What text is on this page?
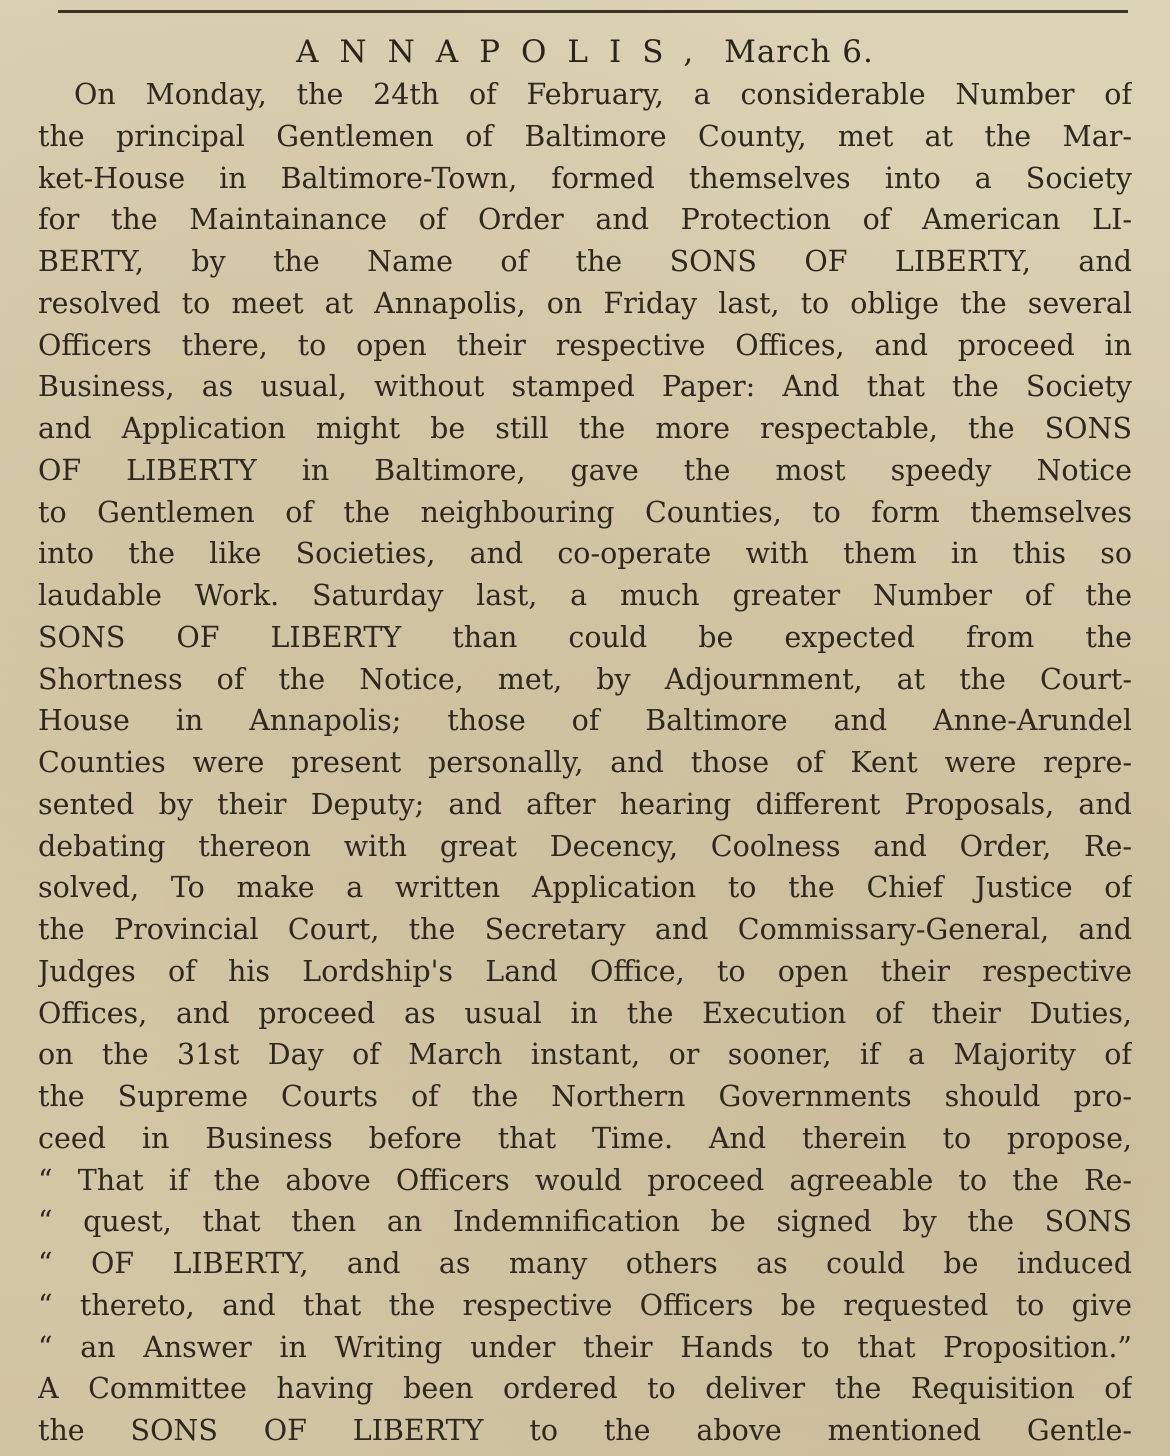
ANNAPOLIS, March 6.
On Monday, the 24th of February, a considerable Number of
the principal Gentlemen of Baltimore County, met at the Mar-
ket-House in Baltimore-Town, formed themselves into a Society
for the Maintainance of Order and Protection of American LI-
BERTY, by the Name of the SONS OF LIBERTY, and
resolved to meet at Annapolis, on Friday last, to oblige the several
Officers there, to open their respective Offices, and proceed in
Business, as usual, without stamped Paper: And that the Society
and Application might be still the more respectable, the SONS
OF LIBERTY in Baltimore, gave the most speedy Notice
to Gentlemen of the neighbouring Counties, to form themselves
into the like Societies, and co-operate with them in this so
laudable Work. Saturday last, a much greater Number of the
SONS OF LIBERTY than could be expected from the
Shortness of the Notice, met, by Adjournment, at the Court-
House in Annapolis; those of Baltimore and Anne-Arundel
Counties were present personally, and those of Kent were repre-
sented by their Deputy; and after hearing different Proposals, and
debating thereon with great Decency, Coolness and Order, Re-
solved, To make a written Application to the Chief Justice of
the Provincial Court, the Secretary and Commissary-General, and
Judges of his Lordship's Land Office, to open their respective
Offices, and proceed as usual in the Execution of their Duties,
on the 31st Day of March instant, or sooner, if a Majority of
the Supreme Courts of the Northern Governments should pro-
ceed in Business before that Time. And therein to propose,
“ That if the above Officers would proceed agreeable to the Re-
“ quest, that then an Indemnification be signed by the SONS
“ OF LIBERTY, and as many others as could be induced
“ thereto, and that the respective Officers be requested to give
“ an Answer in Writing under their Hands to that Proposition.”
A Committee having been ordered to deliver the Requisition of
the SONS OF LIBERTY to the above mentioned Gentle-
